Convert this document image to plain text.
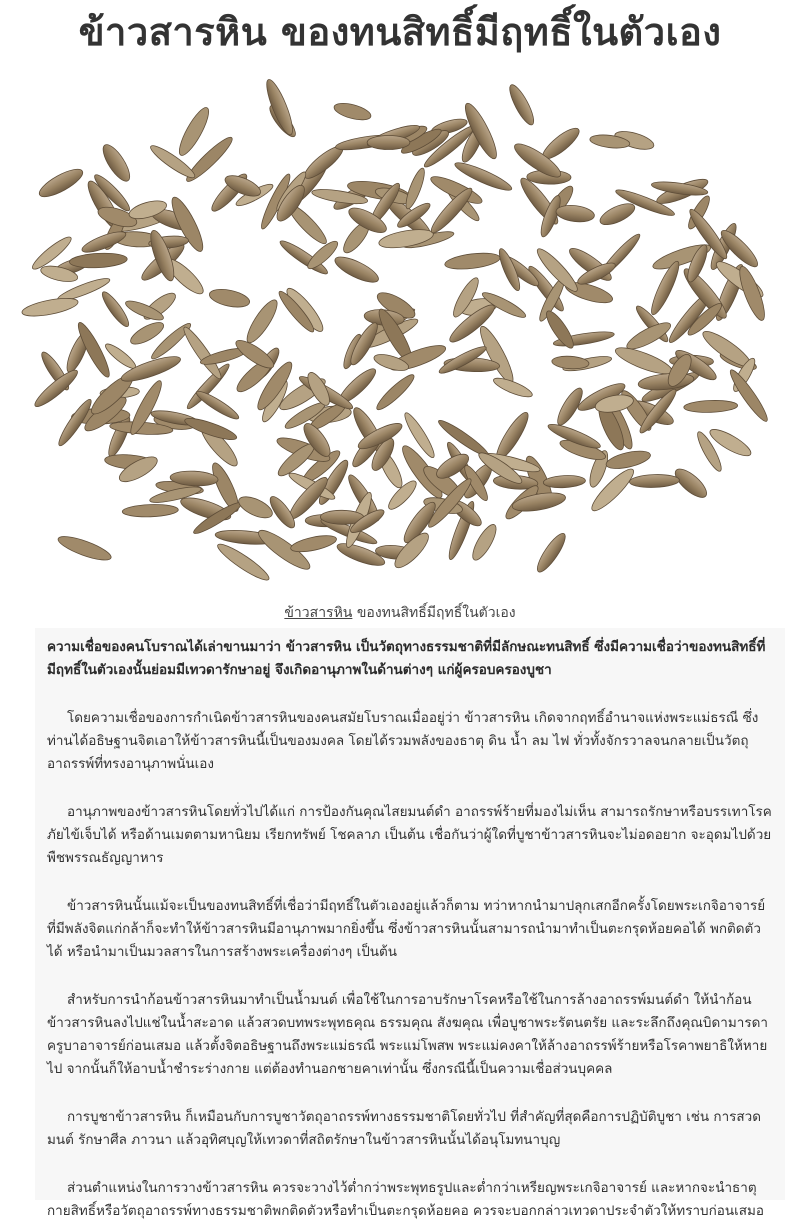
ข้าวสารหิน ของทนสิทธิ์มีฤทธิ์ในตัวเอง
ข้าวสารหิน ของทนสิทธิ์มีฤทธิ์ในตัวเอง

ความเชื่อของคนโบราณได้เล่าขานมาว่า ข้าวสารหิน เป็นวัตถุทางธรรมชาติที่มีลักษณะทนสิทธิ์ ซึ่งมีความเชื่อว่าของทนสิทธิ์ที่มีฤทธิ์ในตัวเองนั้นย่อมมีเทวดารักษาอยู่ จึงเกิดอานุภาพในด้านต่างๆ แก่ผู้ครอบครองบูชา

โดยความเชื่อของการกำเนิดข้าวสารหินของคนสมัยโบราณเมื่ออยู่ว่า ข้าวสารหิน เกิดจากฤทธิ์อำนาจแห่งพระแม่ธรณี ซึ่งท่านได้อธิษฐานจิตเอาให้ข้าวสารหินนี้เป็นของมงคล โดยได้รวมพลังของธาตุ ดิน น้ำ ลม ไฟ ทั่วทั้งจักรวาลจนกลายเป็นวัตถุอาถรรพ์ที่ทรงอานุภาพนั่นเอง

อานุภาพของข้าวสารหินโดยทั่วไปได้แก่ การป้องกันคุณไสยมนต์ดำ อาถรรพ์ร้ายที่มองไม่เห็น สามารถรักษาหรือบรรเทาโรคภัยไข้เจ็บได้ หรือด้านเมตตามหานิยม เรียกทรัพย์ โชคลาภ เป็นต้น เชื่อกันว่าผู้ใดที่บูชาข้าวสารหินจะไม่อดอยาก จะอุดมไปด้วยพืชพรรณธัญญาหาร

ข้าวสารหินนั้นแม้จะเป็นของทนสิทธิ์ที่เชื่อว่ามีฤทธิ์ในตัวเองอยู่แล้วก็ตาม ทว่าหากนำมาปลุกเสกอีกครั้งโดยพระเกจิอาจารย์ที่มีพลังจิตแก่กล้าก็จะทำให้ข้าวสารหินมีอานุภาพมากยิ่งขึ้น ซึ่งข้าวสารหินนั้นสามารถนำมาทำเป็นตะกรุดห้อยคอได้ พกติดตัวได้ หรือนำมาเป็นมวลสารในการสร้างพระเครื่องต่างๆ เป็นต้น

สำหรับการนำก้อนข้าวสารหินมาทำเป็นน้ำมนต์ เพื่อใช้ในการอาบรักษาโรคหรือใช้ในการล้างอาถรรพ์มนต์ดำ ให้นำก้อนข้าวสารหินลงไปแช่ในน้ำสะอาด แล้วสวดบทพระพุทธคุณ ธรรมคุณ สังฆคุณ เพื่อบูชาพระรัตนตรัย และระลึกถึงคุณบิดามารดาครูบาอาจารย์ก่อนเสมอ แล้วตั้งจิตอธิษฐานถึงพระแม่ธรณี พระแม่โพสพ พระแม่คงคาให้ล้างอาถรรพ์ร้ายหรือโรคาพยาธิให้หายไป จากนั้นก็ให้อาบน้ำชำระร่างกาย แต่ต้องทำนอกชายคาเท่านั้น ซึ่งกรณีนี้เป็นความเชื่อส่วนบุคคล

การบูชาข้าวสารหิน ก็เหมือนกับการบูชาวัตถุอาถรรพ์ทางธรรมชาติโดยทั่วไป ที่สำคัญที่สุดคือการปฏิบัติบูชา เช่น การสวดมนต์ รักษาศีล ภาวนา แล้วอุทิศบุญให้เทวดาที่สถิตรักษาในข้าวสารหินนั้นได้อนุโมทนาบุญ

ส่วนตำแหน่งในการวางข้าวสารหิน ควรจะวางไว้ต่ำกว่าพระพุทธรูปและต่ำกว่าเหรียญพระเกจิอาจารย์ และหากจะนำธาตุกายสิทธิ์หรือวัตถุอาถรรพ์ทางธรรมชาติพกติดตัวหรือทำเป็นตะกรุดห้อยคอ ควรจะบอกกล่าวเทวดาประจำตัวให้ทราบก่อนเสมอ
